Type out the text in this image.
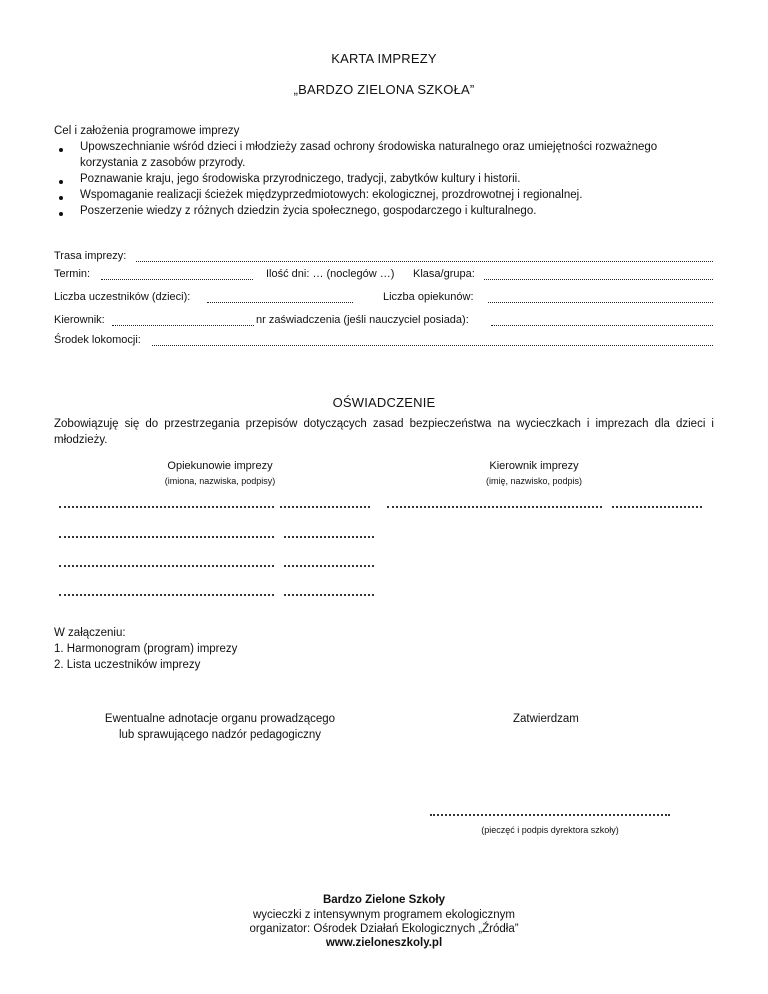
KARTA IMPREZY
„BARDZO ZIELONA SZKOŁA”
Cel i założenia programowe imprezy
Upowszechnianie wśród dzieci i młodzieży zasad ochrony środowiska naturalnego oraz umiejętności rozważnego
korzystania z zasobów przyrody.
Poznawanie kraju, jego środowiska przyrodniczego, tradycji, zabytków kultury i historii.
Wspomaganie realizacji ścieżek międzyprzedmiotowych: ekologicznej, prozdrowotnej i regionalnej.
Poszerzenie wiedzy z różnych dziedzin życia społecznego, gospodarczego i kulturalnego.
Trasa imprezy:
Termin:	Ilość dni: … (noclegów …) Klasa/grupa:
Liczba uczestników (dzieci):	Liczba opiekunów:
Kierownik:	nr zaświadczenia (jeśli nauczyciel posiada):
Środek lokomocji:
OŚWIADCZENIE
Zobowiązuję się do przestrzegania przepisów dotyczących zasad bezpieczeństwa na wycieczkach i imprezach dla dzieci i
młodzieży.
Opiekunowie imprezy
(imiona, nazwiska, podpisy)
Kierownik imprezy
(imię, nazwisko, podpis)
W załączeniu:
1. Harmonogram (program) imprezy
2. Lista uczestników imprezy
Ewentualne adnotacje organu prowadzącego
lub sprawującego nadzór pedagogiczny
Zatwierdzam
(pieczęć i podpis dyrektora szkoły)
Bardzo Zielone Szkoły
wycieczki z intensywnym programem ekologicznym
organizator: Ośrodek Działań Ekologicznych „Źródła”
www.zieloneszkoly.pl
